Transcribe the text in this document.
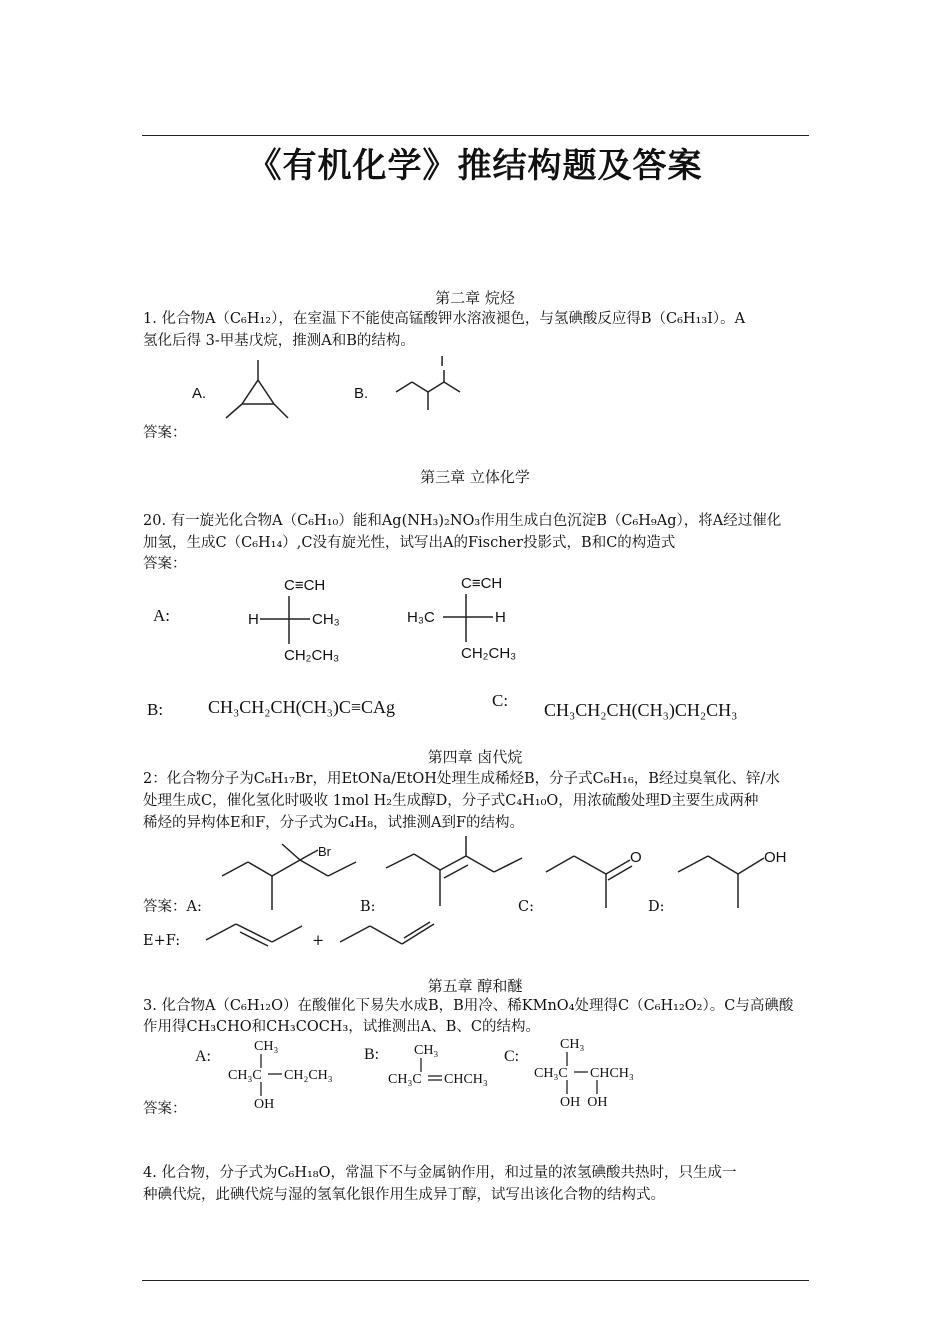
《有机化学》推结构题及答案
第二章 烷烃
1. 化合物A（C₆H₁₂），在室温下不能使高锰酸钾水溶液褪色，与氢碘酸反应得B（C₆H₁₃I）。A
氢化后得 3-甲基戊烷，推测A和B的结构。
A.	B.
I
答案：
第三章 立体化学
20. 有一旋光化合物A（C₆H₁₀）能和Ag(NH₃)₂NO₃作用生成白色沉淀B（C₆H₉Ag），将A经过催化
加氢，生成C（C₆H₁₄）,C没有旋光性，试写出A的Fischer投影式，B和C的构造式
答案：
A:
C≡CH
H	CH₃
CH₂CH₃
C≡CH
H₃C	H
CH₂CH₃
B: CH₃CH₂CH(CH₃)C≡CAg	C: CH₃CH₂CH(CH₃)CH₂CH₃
第四章 卤代烷
2：化合物分子为C₆H₁₇Br，用EtONa/EtOH处理生成稀烃B，分子式C₆H₁₆，B经过臭氧化、锌/水
处理生成C，催化氢化时吸收 1mol H₂生成醇D，分子式C₄H₁₀O，用浓硫酸处理D主要生成两种
稀烃的异构体E和F，分子式为C₄H₈，试推测A到F的结构。
Br	O	OH
答案：A:	B:	C:	D:
E+F:	+
第五章 醇和醚
3. 化合物A（C₆H₁₂O）在酸催化下易失水成B，B用冷、稀KMnO₄处理得C（C₆H₁₂O₂）。C与高碘酸
作用得CH₃CHO和CH₃COCH₃，试推测出A、B、C的结构。
A:
CH₃
CH₃C CH₂CH₃
OH
B: CH₃
CH₃C CHCH₃
C:
CH₃
CH₃C CHCH₃
OH  OH
答案：
4. 化合物，分子式为C₆H₁₈O，常温下不与金属钠作用，和过量的浓氢碘酸共热时，只生成一
种碘代烷，此碘代烷与湿的氢氧化银作用生成异丁醇，试写出该化合物的结构式。
